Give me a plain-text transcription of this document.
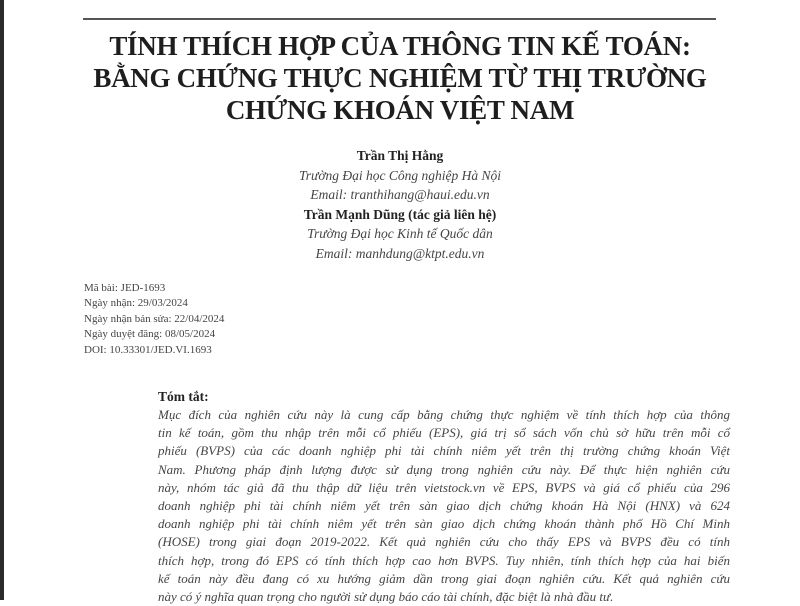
TÍNH THÍCH HỢP CỦA THÔNG TIN KẾ TOÁN:
BẰNG CHỨNG THỰC NGHIỆM TỪ THỊ TRƯỜNG
CHỨNG KHOÁN VIỆT NAM
Trần Thị Hằng
Trường Đại học Công nghiệp Hà Nội
Email: tranthihang@haui.edu.vn
Trần Mạnh Dũng (tác giả liên hệ)
Trường Đại học Kinh tế Quốc dân
Email: manhdung@ktpt.edu.vn
Mã bài: JED-1693
Ngày nhận: 29/03/2024
Ngày nhận bản sửa: 22/04/2024
Ngày duyệt đăng: 08/05/2024
DOI: 10.33301/JED.VI.1693
Tóm tắt:
Mục đích của nghiên cứu này là cung cấp bằng chứng thực nghiệm về tính thích hợp của thông
tin kế toán, gồm thu nhập trên mỗi cổ phiếu (EPS), giá trị sổ sách vốn chủ sở hữu trên mỗi cổ
phiếu (BVPS) của các doanh nghiệp phi tài chính niêm yết trên thị trường chứng khoán Việt
Nam. Phương pháp định lượng được sử dụng trong nghiên cứu này. Để thực hiện nghiên cứu
này, nhóm tác giả đã thu thập dữ liệu trên vietstock.vn về EPS, BVPS và giá cổ phiếu của 296
doanh nghiệp phi tài chính niêm yết trên sàn giao dịch chứng khoán Hà Nội (HNX) và 624
doanh nghiệp phi tài chính niêm yết trên sàn giao dịch chứng khoán thành phố Hồ Chí Minh
(HOSE) trong giai đoạn 2019-2022. Kết quả nghiên cứu cho thấy EPS và BVPS đều có tính
thích hợp, trong đó EPS có tính thích hợp cao hơn BVPS. Tuy nhiên, tính thích hợp của hai biến
kế toán này đều đang có xu hướng giảm dần trong giai đoạn nghiên cứu. Kết quả nghiên cứu
này có ý nghĩa quan trọng cho người sử dụng báo cáo tài chính, đặc biệt là nhà đầu tư.
